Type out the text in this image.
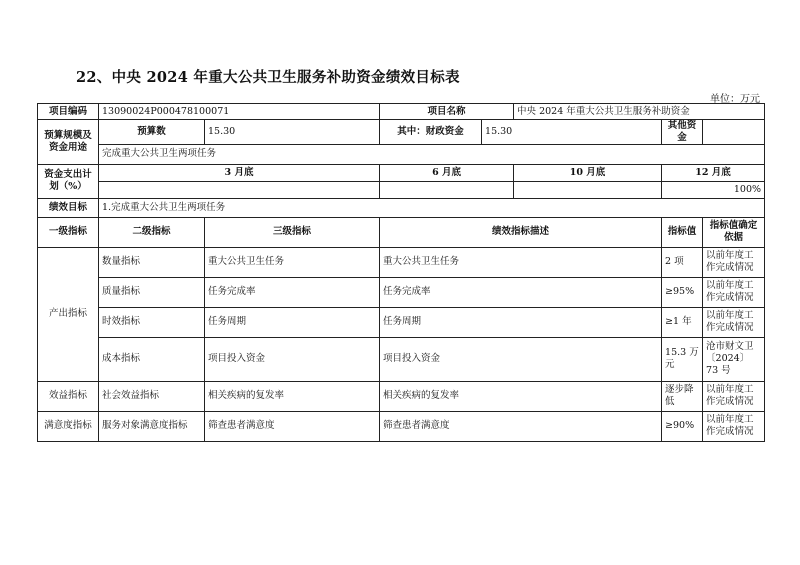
22、中央 2024 年重大公共卫生服务补助资金绩效目标表
单位：万元
项目编码	13090024P000478100071		项目名称		中央 2024 年重大公共卫生服务补助资金		
预算规模及资金用途	预算数	15.30	其中：财政资金	15.30		其他资金	
	完成重大公共卫生两项任务						
资金支出计划（%）	3 月底		6 月底		10 月底	12 月底	
						100%	
绩效目标	1.完成重大公共卫生两项任务						
一级指标	二级指标	三级指标	绩效指标描述			指标值	指标值确定依据
产出指标	数量指标	重大公共卫生任务	重大公共卫生任务			2 项	以前年度工作完成情况
	质量指标	任务完成率	任务完成率			≥95%	以前年度工作完成情况
	时效指标	任务周期	任务周期			≥1 年	以前年度工作完成情况
	成本指标	项目投入资金	项目投入资金			15.3 万元	沧市财文卫〔2024〕73 号
效益指标	社会效益指标	相关疾病的复发率	相关疾病的复发率			逐步降低	以前年度工作完成情况
满意度指标	服务对象满意度指标	筛查患者满意度	筛查患者满意度			≥90%	以前年度工作完成情况
